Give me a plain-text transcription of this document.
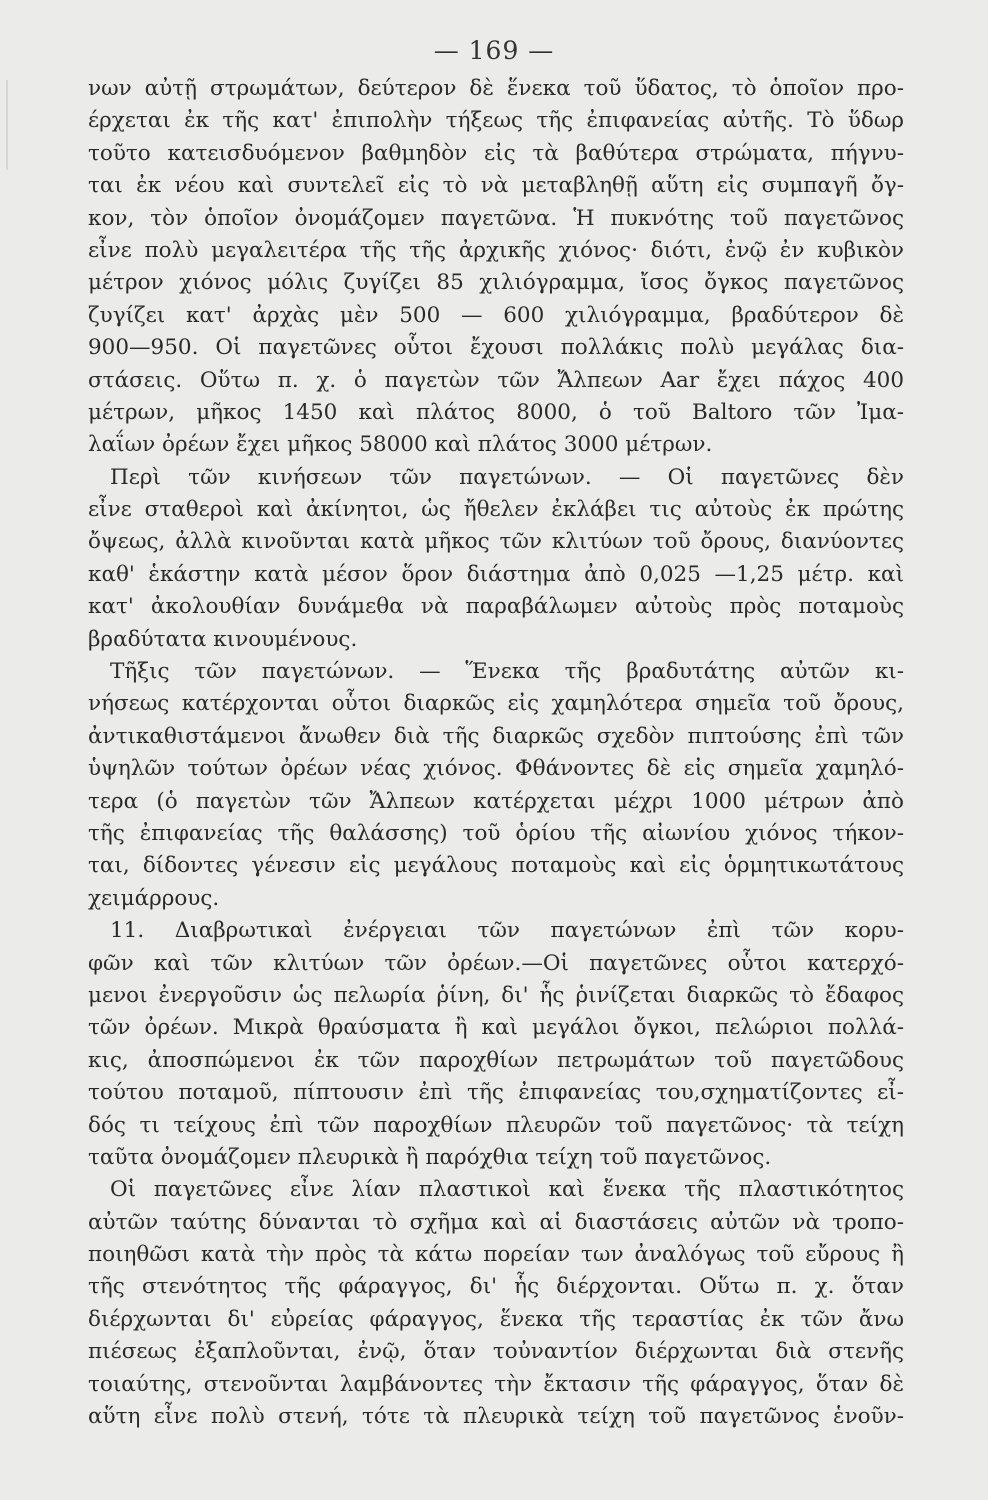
— 169 —
νων αὐτῇ στρωμάτων, δεύτερον δὲ ἕνεκα τοῦ ὕδατος, τὸ ὁποῖον προ-
έρχεται ἐκ τῆς κατ' ἐπιπολὴν τήξεως τῆς ἐπιφανείας αὐτῆς. Τὸ ὕδωρ
τοῦτο κατεισδυόμενον βαθμηδὸν εἰς τὰ βαθύτερα στρώματα, πήγνυ-
ται ἐκ νέου καὶ συντελεῖ εἰς τὸ νὰ μεταβληθῇ αὕτη εἰς συμπαγῆ ὄγ-
κον, τὸν ὁποῖον ὀνομάζομεν παγετῶνα. Ἡ πυκνότης τοῦ παγετῶνος
εἶνε πολὺ μεγαλειτέρα τῆς τῆς ἀρχικῆς χιόνος· διότι, ἐνῷ ἐν κυβικὸν
μέτρον χιόνος μόλις ζυγίζει 85 χιλιόγραμμα, ἴσος ὄγκος παγετῶνος
ζυγίζει κατ' ἀρχὰς μὲν 500 — 600 χιλιόγραμμα, βραδύτερον δὲ
900—950. Οἱ παγετῶνες οὗτοι ἔχουσι πολλάκις πολὺ μεγάλας δια-
στάσεις. Οὕτω π. χ. ὁ παγετὼν τῶν Ἄλπεων Aar ἔχει πάχος 400
μέτρων, μῆκος 1450 καὶ πλάτος 8000, ὁ τοῦ Baltoro τῶν Ἰμα-
λαΐων ὀρέων ἔχει μῆκος 58000 καὶ πλάτος 3000 μέτρων.
Περὶ τῶν κινήσεων τῶν παγετώνων. — Οἱ παγετῶνες δὲν
εἶνε σταθεροὶ καὶ ἀκίνητοι, ὡς ἤθελεν ἐκλάβει τις αὐτοὺς ἐκ πρώτης
ὄψεως, ἀλλὰ κινοῦνται κατὰ μῆκος τῶν κλιτύων τοῦ ὄρους, διανύοντες
καθ' ἑκάστην κατὰ μέσον ὅρον διάστημα ἀπὸ 0,025 —1,25 μέτρ. καὶ
κατ' ἀκολουθίαν δυνάμεθα νὰ παραβάλωμεν αὐτοὺς πρὸς ποταμοὺς
βραδύτατα κινουμένους.
Τῆξις τῶν παγετώνων. — Ἕνεκα τῆς βραδυτάτης αὐτῶν κι-
νήσεως κατέρχονται οὗτοι διαρκῶς εἰς χαμηλότερα σημεῖα τοῦ ὄρους,
ἀντικαθιστάμενοι ἄνωθεν διὰ τῆς διαρκῶς σχεδὸν πιπτούσης ἐπὶ τῶν
ὑψηλῶν τούτων ὀρέων νέας χιόνος. Φθάνοντες δὲ εἰς σημεῖα χαμηλό-
τερα (ὁ παγετὼν τῶν Ἄλπεων κατέρχεται μέχρι 1000 μέτρων ἀπὸ
τῆς ἐπιφανείας τῆς θαλάσσης) τοῦ ὁρίου τῆς αἰωνίου χιόνος τήκον-
ται, δίδοντες γένεσιν εἰς μεγάλους ποταμοὺς καὶ εἰς ὁρμητικωτάτους
χειμάρρους.
11. Διαβρωτικαὶ ἐνέργειαι τῶν παγετώνων ἐπὶ τῶν κορυ-
φῶν καὶ τῶν κλιτύων τῶν ὀρέων.—Οἱ παγετῶνες οὗτοι κατερχό-
μενοι ἐνεργοῦσιν ὡς πελωρία ῥίνη, δι' ἧς ῥινίζεται διαρκῶς τὸ ἔδαφος
τῶν ὀρέων. Μικρὰ θραύσματα ἢ καὶ μεγάλοι ὄγκοι, πελώριοι πολλά-
κις, ἀποσπώμενοι ἐκ τῶν παροχθίων πετρωμάτων τοῦ παγετῶδους
τούτου ποταμοῦ, πίπτουσιν ἐπὶ τῆς ἐπιφανείας του,σχηματίζοντες εἶ-
δός τι τείχους ἐπὶ τῶν παροχθίων πλευρῶν τοῦ παγετῶνος· τὰ τείχη
ταῦτα ὀνομάζομεν πλευρικὰ ἢ παρόχθια τείχη τοῦ παγετῶνος.
Οἱ παγετῶνες εἶνε λίαν πλαστικοὶ καὶ ἕνεκα τῆς πλαστικότητος
αὐτῶν ταύτης δύνανται τὸ σχῆμα καὶ αἱ διαστάσεις αὐτῶν νὰ τροπο-
ποιηθῶσι κατὰ τὴν πρὸς τὰ κάτω πορείαν των ἀναλόγως τοῦ εὔρους ἢ
τῆς στενότητος τῆς φάραγγος, δι' ἧς διέρχονται. Οὕτω π. χ. ὅταν
διέρχωνται δι' εὐρείας φάραγγος, ἕνεκα τῆς τεραστίας ἐκ τῶν ἄνω
πιέσεως ἐξαπλοῦνται, ἐνῷ, ὅταν τοὐναντίον διέρχωνται διὰ στενῆς
τοιαύτης, στενοῦνται λαμβάνοντες τὴν ἔκτασιν τῆς φάραγγος, ὅταν δὲ
αὕτη εἶνε πολὺ στενή, τότε τὰ πλευρικὰ τείχη τοῦ παγετῶνος ἑνοῦν-
